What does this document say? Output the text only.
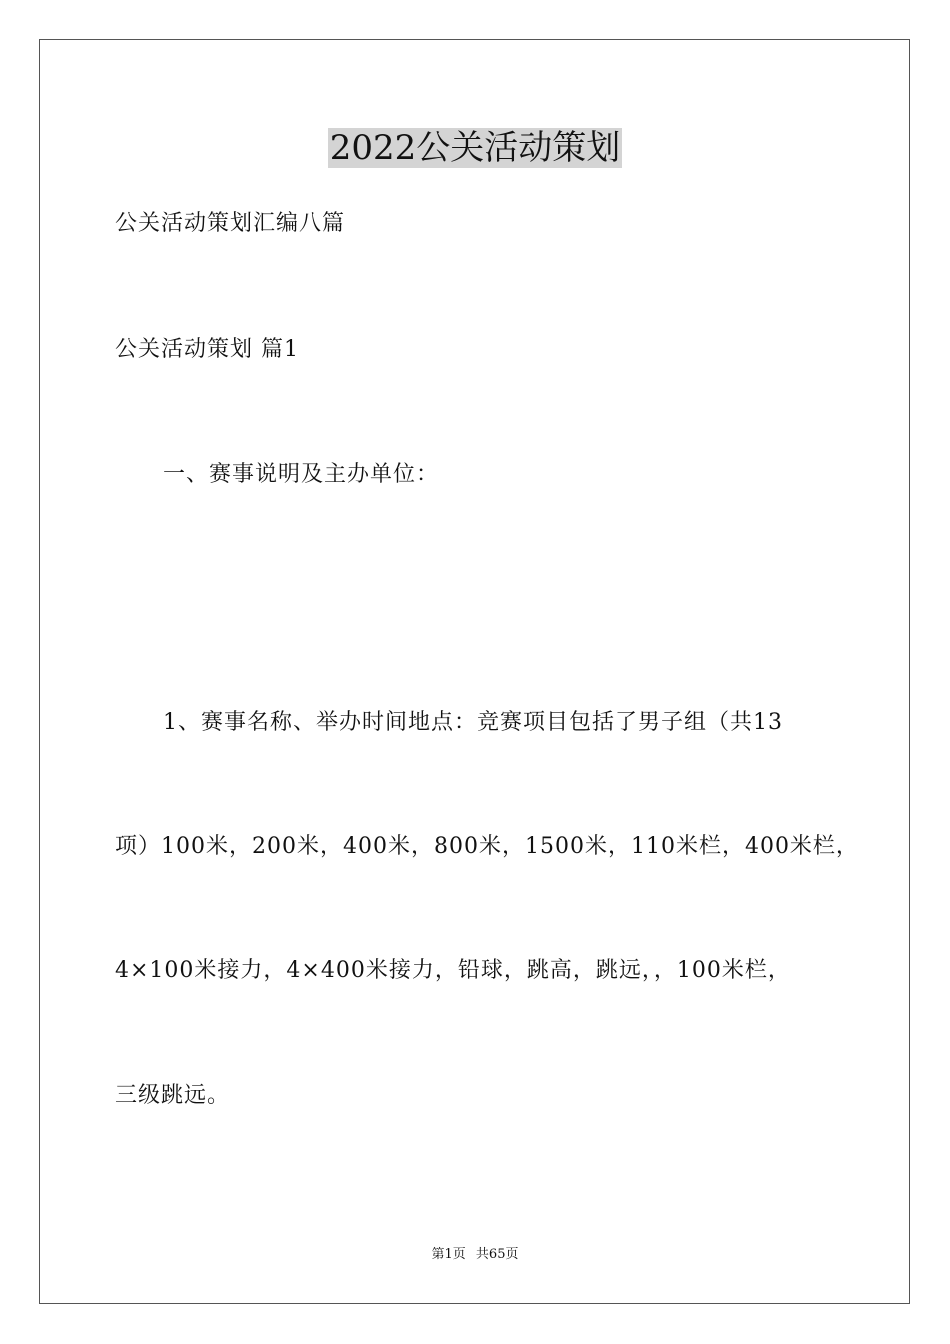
2022公关活动策划
公关活动策划汇编八篇
公关活动策划 篇1
一、赛事说明及主办单位：
1、赛事名称、举办时间地点：竞赛项目包括了男子组（共13
项）100米，200米，400米，800米，1500米，110米栏，400米栏，
4×100米接力，4×400米接力，铅球，跳高，跳远，，100米栏，
三级跳远。
第1页 共65页
